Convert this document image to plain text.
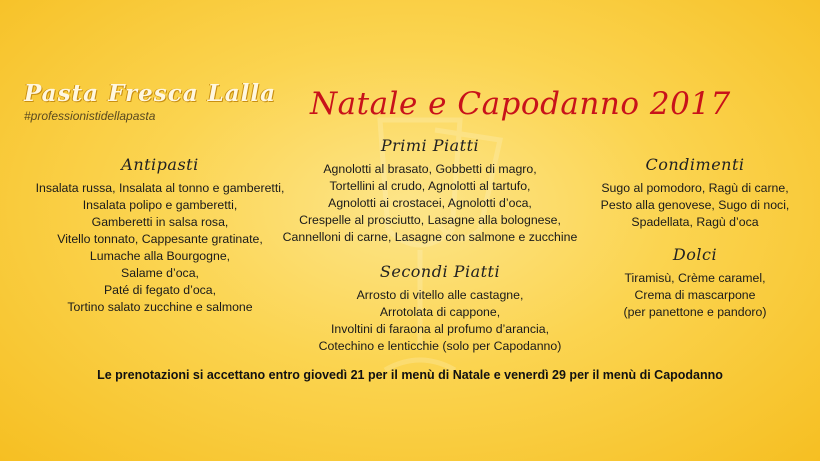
Pasta Fresca Lalla
#professionistidellapasta	Natale e Capodanno 2017
Antipasti
Insalata russa, Insalata al tonno e gamberetti,
Insalata polipo e gamberetti,
Gamberetti in salsa rosa,
Vitello tonnato, Cappesante gratinate,
Lumache alla Bourgogne,
Salame d’oca,
Paté di fegato d’oca,
Tortino salato zucchine e salmone
Primi Piatti
Agnolotti al brasato, Gobbetti di magro,
Tortellini al crudo, Agnolotti al tartufo,
Agnolotti ai crostacei, Agnolotti d’oca,
Crespelle al prosciutto, Lasagne alla bolognese,
Cannelloni di carne, Lasagne con salmone e zucchine
Secondi Piatti
Arrosto di vitello alle castagne,
Arrotolata di cappone,
Involtini di faraona al profumo d’arancia,
Cotechino e lenticchie (solo per Capodanno)
Condimenti
Sugo al pomodoro, Ragù di carne,
Pesto alla genovese, Sugo di noci,
Spadellata, Ragù d’oca
Dolci
Tiramisù, Crème caramel,
Crema di mascarpone
(per panettone e pandoro)
Le prenotazioni si accettano entro giovedì 21 per il menù di Natale e venerdì 29 per il menù di Capodanno
